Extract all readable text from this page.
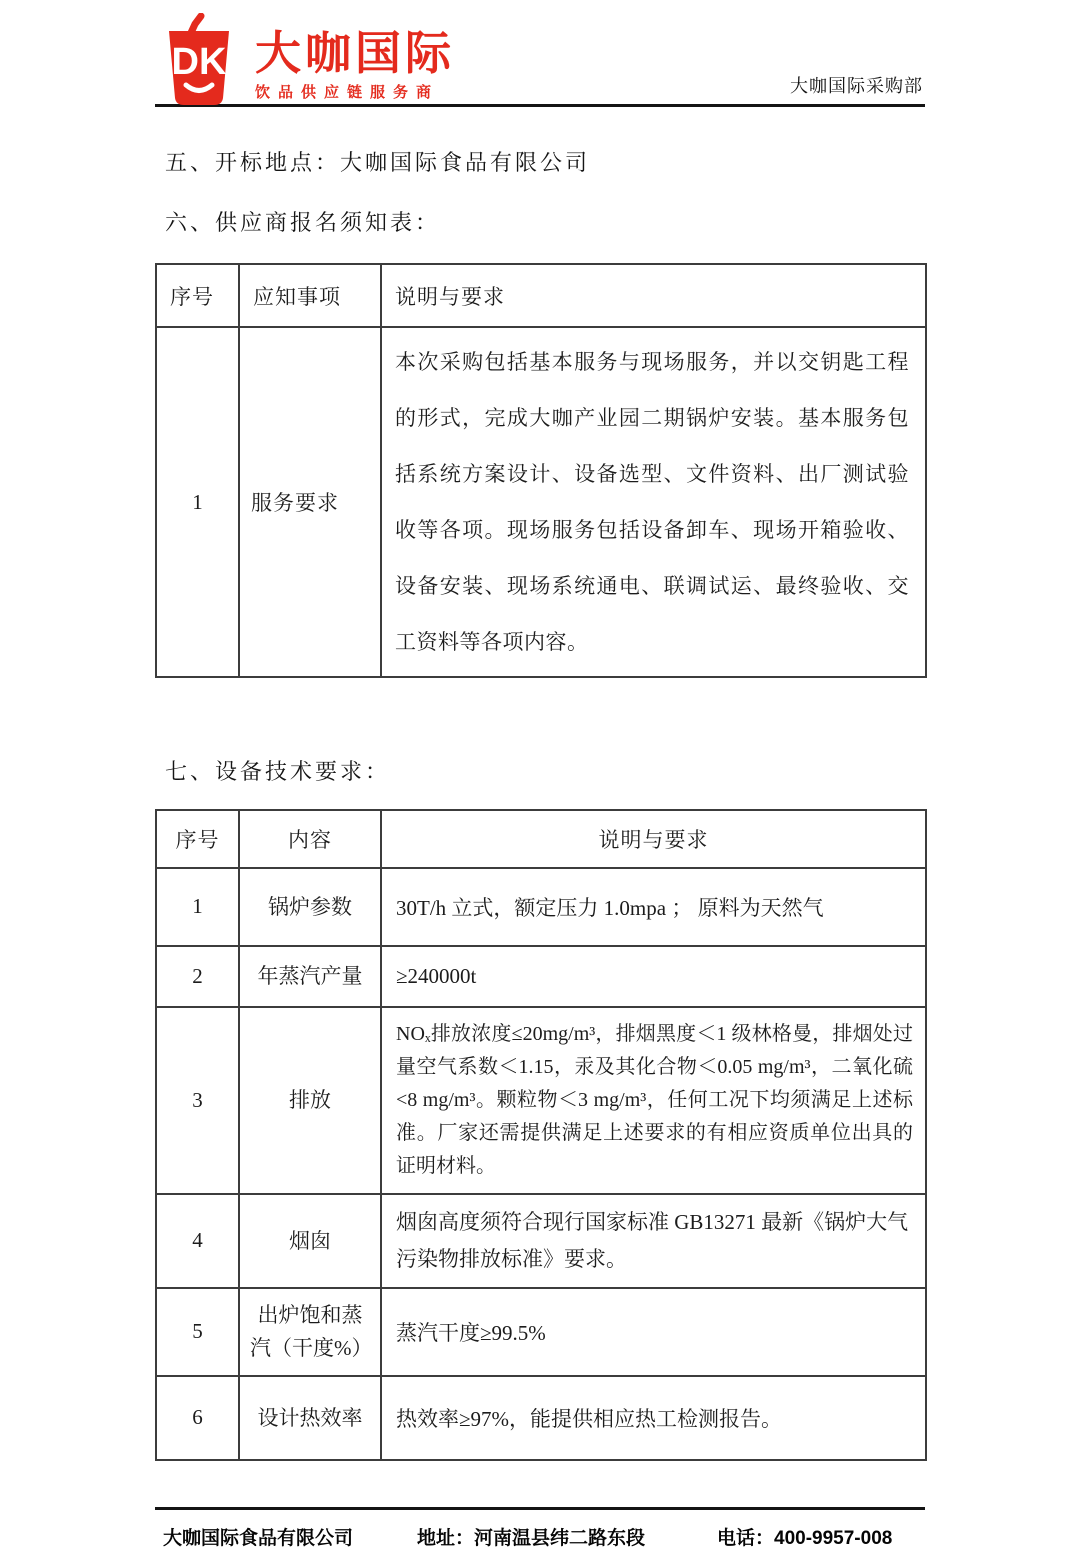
DK 大咖国际
饮品供应链服务商	大咖国际采购部
五、开标地点：大咖国际食品有限公司
六、供应商报名须知表：
序号	应知事项	说明与要求
1	服务要求	本次采购包括基本服务与现场服务，并以交钥匙工程的形式，完成大咖产业园二期锅炉安装。基本服务包括系统方案设计、设备选型、文件资料、出厂测试验收等各项。现场服务包括设备卸车、现场开箱验收、设备安装、现场系统通电、联调试运、最终验收、交工资料等各项内容。
七、设备技术要求：
序号	内容	说明与要求
1	锅炉参数	30T/h 立式，额定压力 1.0mpa ； 原料为天然气
2	年蒸汽产量	≥240000t
3	排放	NOₓ排放浓度≤20mg/m³，排烟黑度＜1 级林格曼，排烟处过量空气系数＜1.15，汞及其化合物＜0.05 mg/m³，二氧化硫<8 mg/m³。颗粒物＜3 mg/m³，任何工况下均须满足上述标准。厂家还需提供满足上述要求的有相应资质单位出具的证明材料。
4	烟囱	烟囱高度须符合现行国家标准 GB13271 最新《锅炉大气污染物排放标准》要求。
5	出炉饱和蒸汽（干度%）	蒸汽干度≥99.5%
6	设计热效率	热效率≥97%，能提供相应热工检测报告。
大咖国际食品有限公司	地址：河南温县纬二路东段	电话：400-9957-008
